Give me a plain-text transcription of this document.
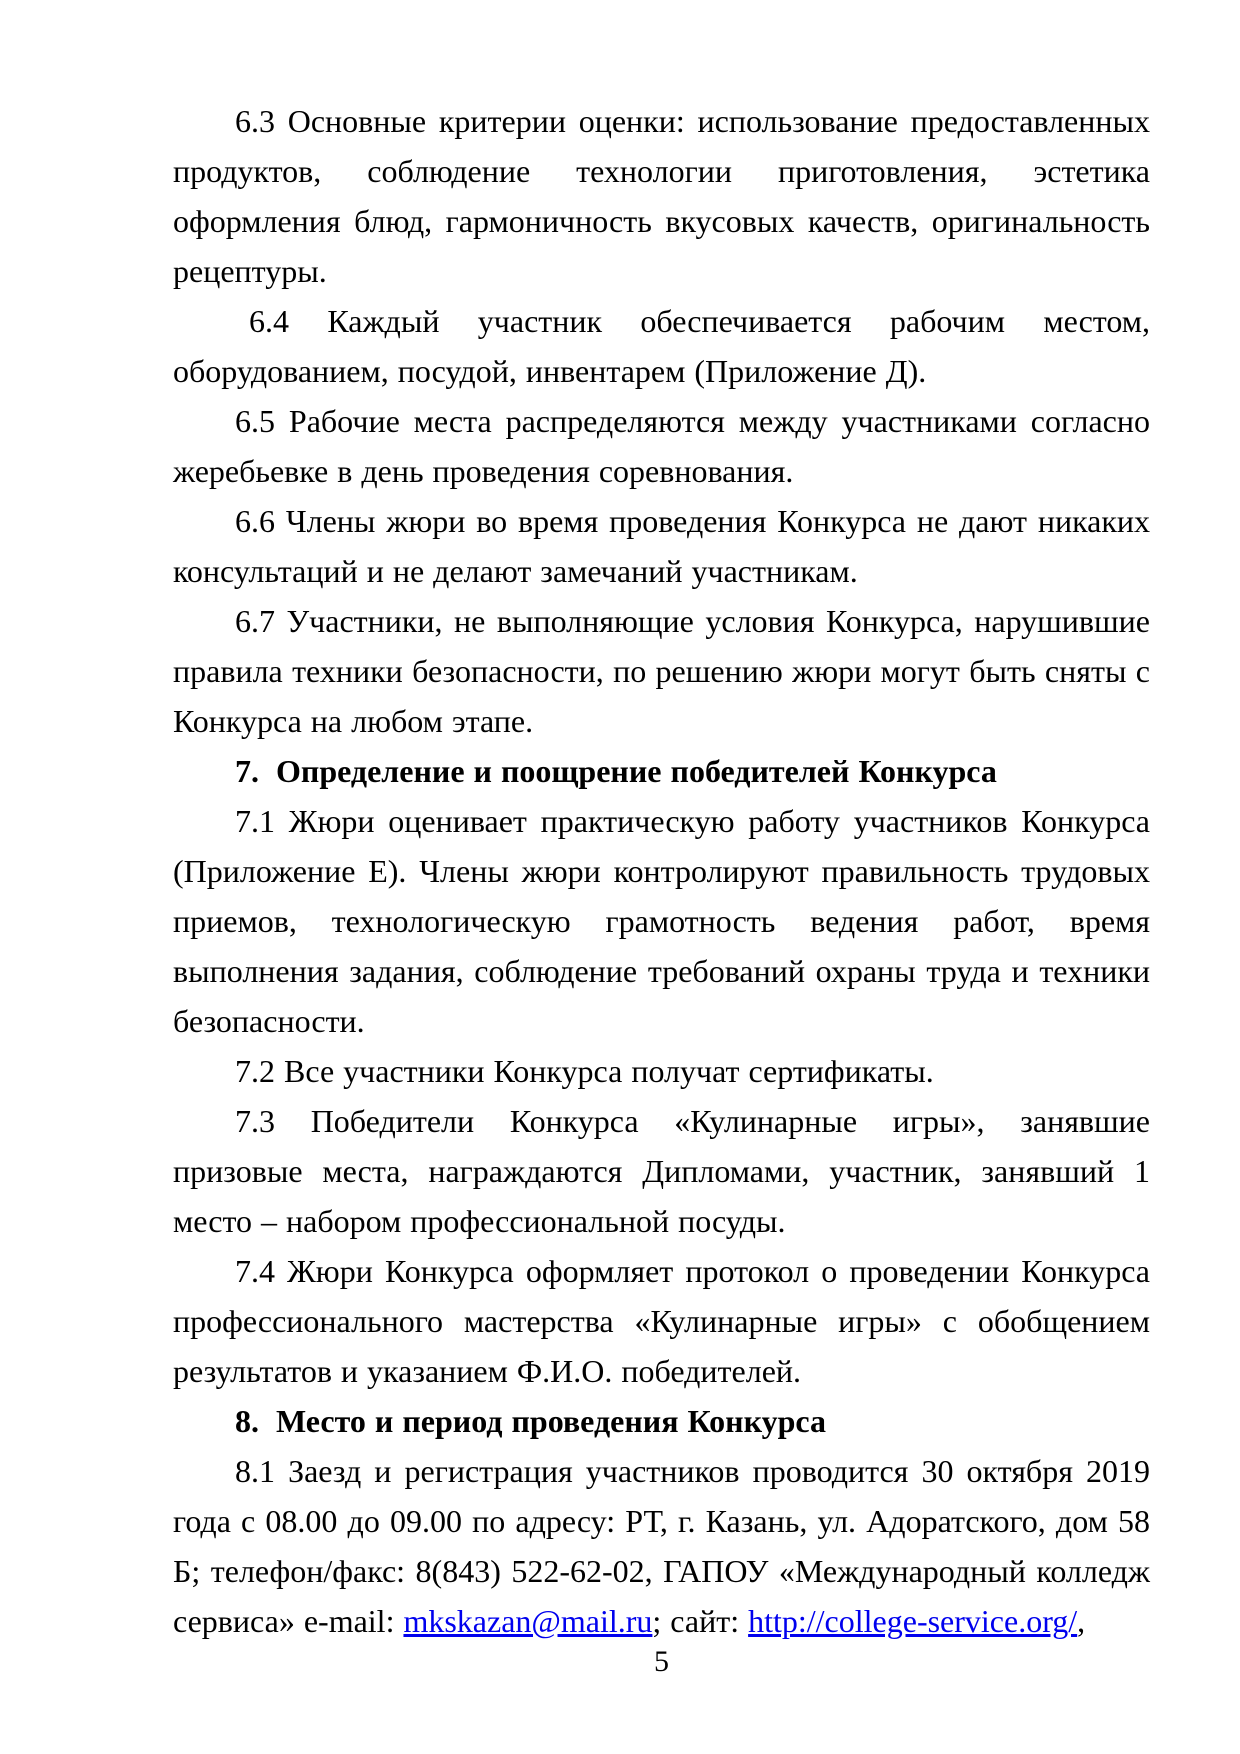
6.3 Основные критерии оценки: использование предоставленных продуктов, соблюдение технологии приготовления, эстетика оформления блюд, гармоничность вкусовых качеств, оригинальность рецептуры.

6.4 Каждый участник обеспечивается рабочим местом, оборудованием, посудой, инвентарем (Приложение Д).

6.5 Рабочие места распределяются между участниками согласно жеребьевке в день проведения соревнования.

6.6 Члены жюри во время проведения Конкурса не дают никаких консультаций и не делают замечаний участникам.

6.7 Участники, не выполняющие условия Конкурса, нарушившие правила техники безопасности, по решению жюри могут быть сняты с Конкурса на любом этапе.

7. Определение и поощрение победителей Конкурса

7.1 Жюри оценивает практическую работу участников Конкурса (Приложение Е). Члены жюри контролируют правильность трудовых приемов, технологическую грамотность ведения работ, время выполнения задания, соблюдение требований охраны труда и техники безопасности.

7.2 Все участники Конкурса получат сертификаты.

7.3 Победители Конкурса «Кулинарные игры», занявшие призовые места, награждаются Дипломами, участник, занявший 1 место – набором профессиональной посуды.

7.4 Жюри Конкурса оформляет протокол о проведении Конкурса профессионального мастерства «Кулинарные игры» с обобщением результатов и указанием Ф.И.О. победителей.

8. Место и период проведения Конкурса

8.1 Заезд и регистрация участников проводится 30 октября 2019 года с 08.00 до 09.00 по адресу: РТ, г. Казань, ул. Адоратского, дом 58 Б; телефон/факс: 8(843) 522-62-02, ГАПОУ «Международный колледж сервиса» e-mail: mkskazan@mail.ru; сайт: http://college-service.org/,

5
